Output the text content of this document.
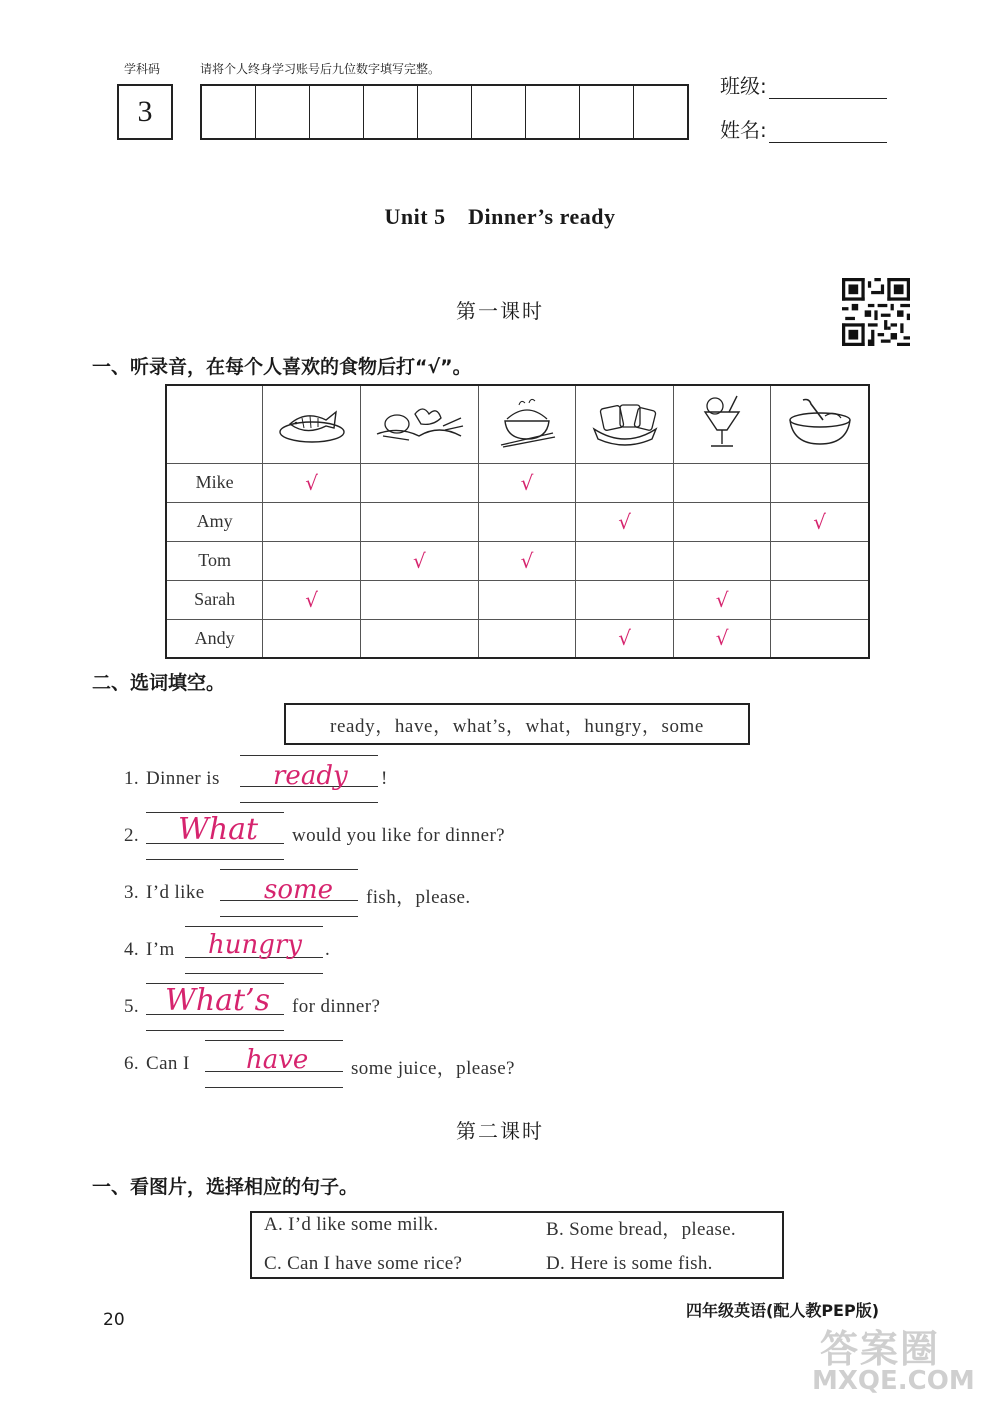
学科码	请将个人终身学习账号后九位数字填写完整。
3
班级:
姓名:
Unit 5　Dinner’s ready
第一课时
一、听录音，在每个人喜欢的食物后打“√”。

Mike	√		√			
Amy				√		√
Tom		√	√			
Sarah	√				√	
Andy				√	√	
二、选词填空。
ready，have，what’s，what，hungry，some
1. Dinner is ready !
2. What would you like for dinner?
3. I’d like some fish，please.
4. I’m hungry .
5. What’s for dinner?
6. Can I have some juice，please?
第二课时
一、看图片，选择相应的句子。
A. I’d like some milk.	B. Some bread，please.
C. Can I have some rice?	D. Here is some fish.
20	四年级英语(配人教PEP版)
答案圈
MXQE.COM
